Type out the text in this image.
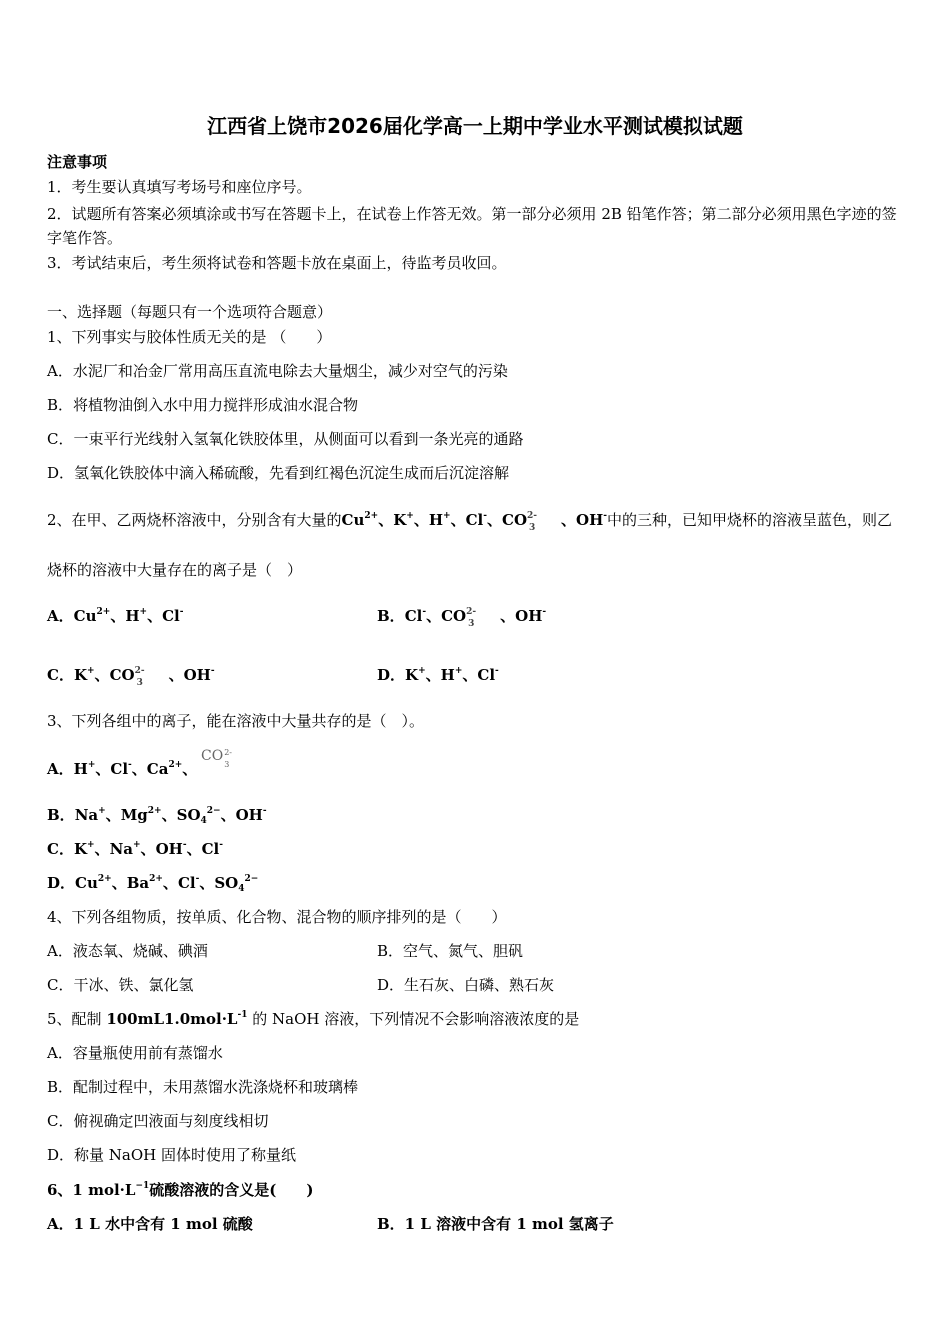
江西省上饶市2026届化学高一上期中学业水平测试模拟试题
注意事项
1．考生要认真填写考场号和座位序号。
2．试题所有答案必须填涂或书写在答题卡上，在试卷上作答无效。第一部分必须用 2B 铅笔作答；第二部分必须用黑色字迹的签字笔作答。
3．考试结束后，考生须将试卷和答题卡放在桌面上，待监考员收回。
一、选择题（每题只有一个选项符合题意）
1、下列事实与胶体性质无关的是 （　　）
A．水泥厂和冶金厂常用高压直流电除去大量烟尘，减少对空气的污染
B．将植物油倒入水中用力搅拌形成油水混合物
C．一束平行光线射入氢氧化铁胶体里，从侧面可以看到一条光亮的通路
D．氢氧化铁胶体中滴入稀硫酸，先看到红褐色沉淀生成而后沉淀溶解
2、在甲、乙两烧杯溶液中，分别含有大量的$Cu^{2+}$、K+、H+、Cl-、CO 2-
3 、OH-中的三种，已知甲烧杯的溶液呈蓝色，则乙
烧杯的溶液中大量存在的离子是（　）
A．$Cu^{2+}$、H+、Cl-	B．Cl-、CO 2-
3 、OH-
C．K+、CO 2-
3 、OH-	D．K+、H+、Cl-
3、下列各组中的离子，能在溶液中大量共存的是（　）。
A．H+、Cl-、$Ca^{2+}$、
CO 2-
3
B．Na+、$Mg^{2+}$、$SO_4^{2-}$、OH-
C．K+、Na+、OH-、Cl-
D．$Cu^{2+}$、$Ba^{2+}$、Cl-、$SO_4^{2-}$
4、下列各组物质，按单质、化合物、混合物的顺序排列的是（　　）
A．液态氧、烧碱、碘酒	B．空气、氮气、胆矾
C．干冰、铁、氯化氢	D．生石灰、白磷、熟石灰
5、配制 $100mL1.0mol\cdot L^{-1}$ 的 NaOH 溶液，下列情况不会影响溶液浓度的是
A．容量瓶使用前有蒸馏水
B．配制过程中，未用蒸馏水洗涤烧杯和玻璃棒
C．俯视确定凹液面与刻度线相切
D．称量 NaOH 固体时使用了称量纸
6、1 $mol\cdot L^{-1}$硫酸溶液的含义是(　　)
A．1 L 水中含有 1 mol 硫酸	B．1 L 溶液中含有 1 mol 氢离子
